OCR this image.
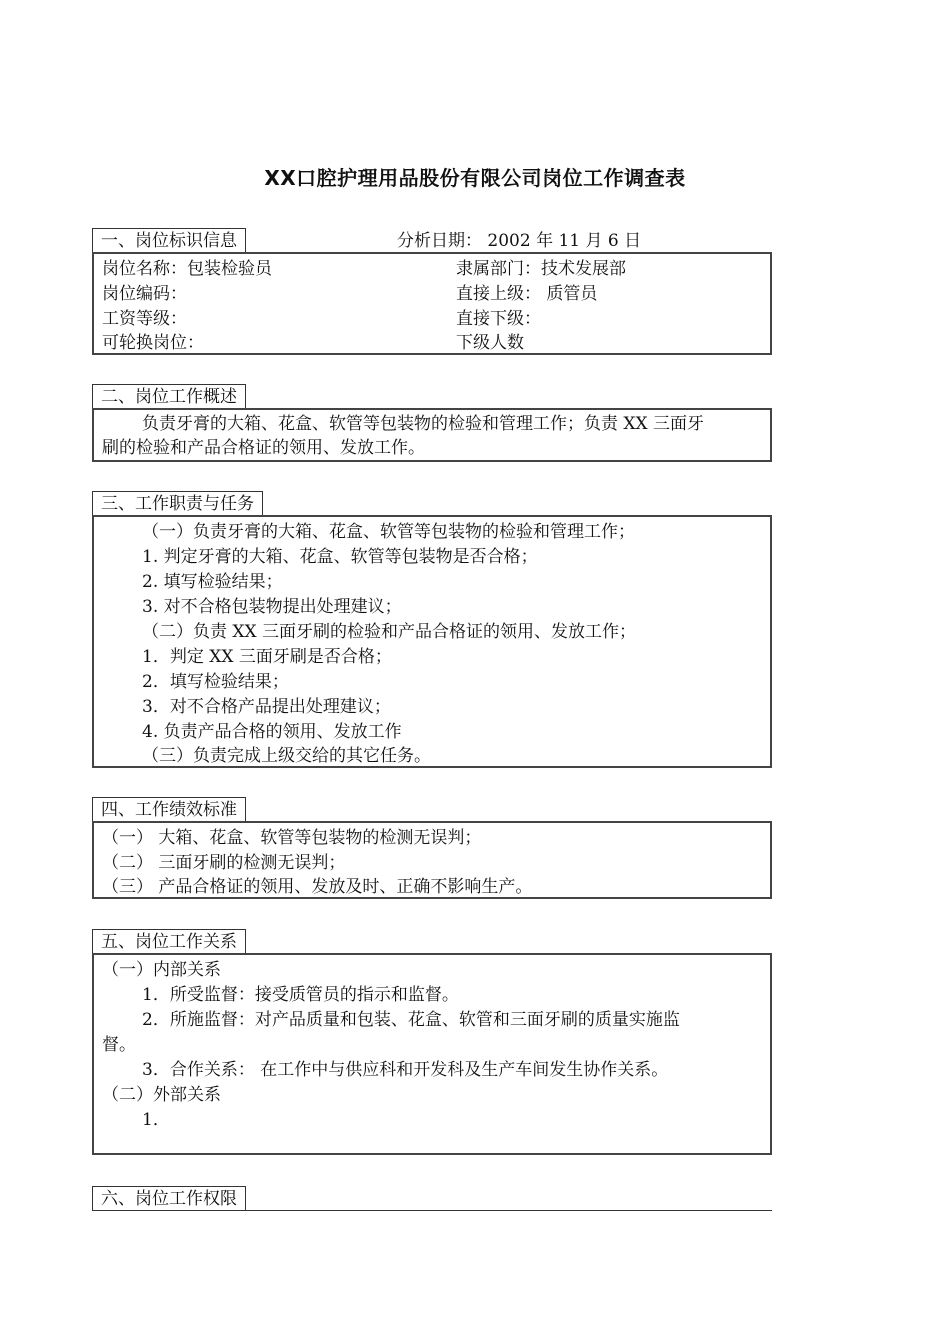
XX口腔护理用品股份有限公司岗位工作调查表
一、岗位标识信息	分析日期： 2002 年 11 月 6 日
岗位名称：包装检验员	隶属部门：技术发展部
岗位编码：	直接上级： 质管员
工资等级：	直接下级：
可轮换岗位：	下级人数
二、岗位工作概述
负责牙膏的大箱、花盒、软管等包装物的检验和管理工作；负责 XX 三面牙
刷的检验和产品合格证的领用、发放工作。
三、工作职责与任务
（一）负责牙膏的大箱、花盒、软管等包装物的检验和管理工作；
1. 判定牙膏的大箱、花盒、软管等包装物是否合格；
2. 填写检验结果；
3. 对不合格包装物提出处理建议；
（二）负责 XX 三面牙刷的检验和产品合格证的领用、发放工作；
1．判定 XX 三面牙刷是否合格；
2．填写检验结果；
3．对不合格产品提出处理建议；
4. 负责产品合格的领用、发放工作
（三）负责完成上级交给的其它任务。
四、工作绩效标准
（一） 大箱、花盒、软管等包装物的检测无误判；
（二） 三面牙刷的检测无误判；
（三） 产品合格证的领用、发放及时、正确不影响生产。
五、岗位工作关系
（一）内部关系
1．所受监督：接受质管员的指示和监督。
2．所施监督：对产品质量和包装、花盒、软管和三面牙刷的质量实施监
督。
3．合作关系： 在工作中与供应科和开发科及生产车间发生协作关系。
（二）外部关系
1．
六、岗位工作权限
